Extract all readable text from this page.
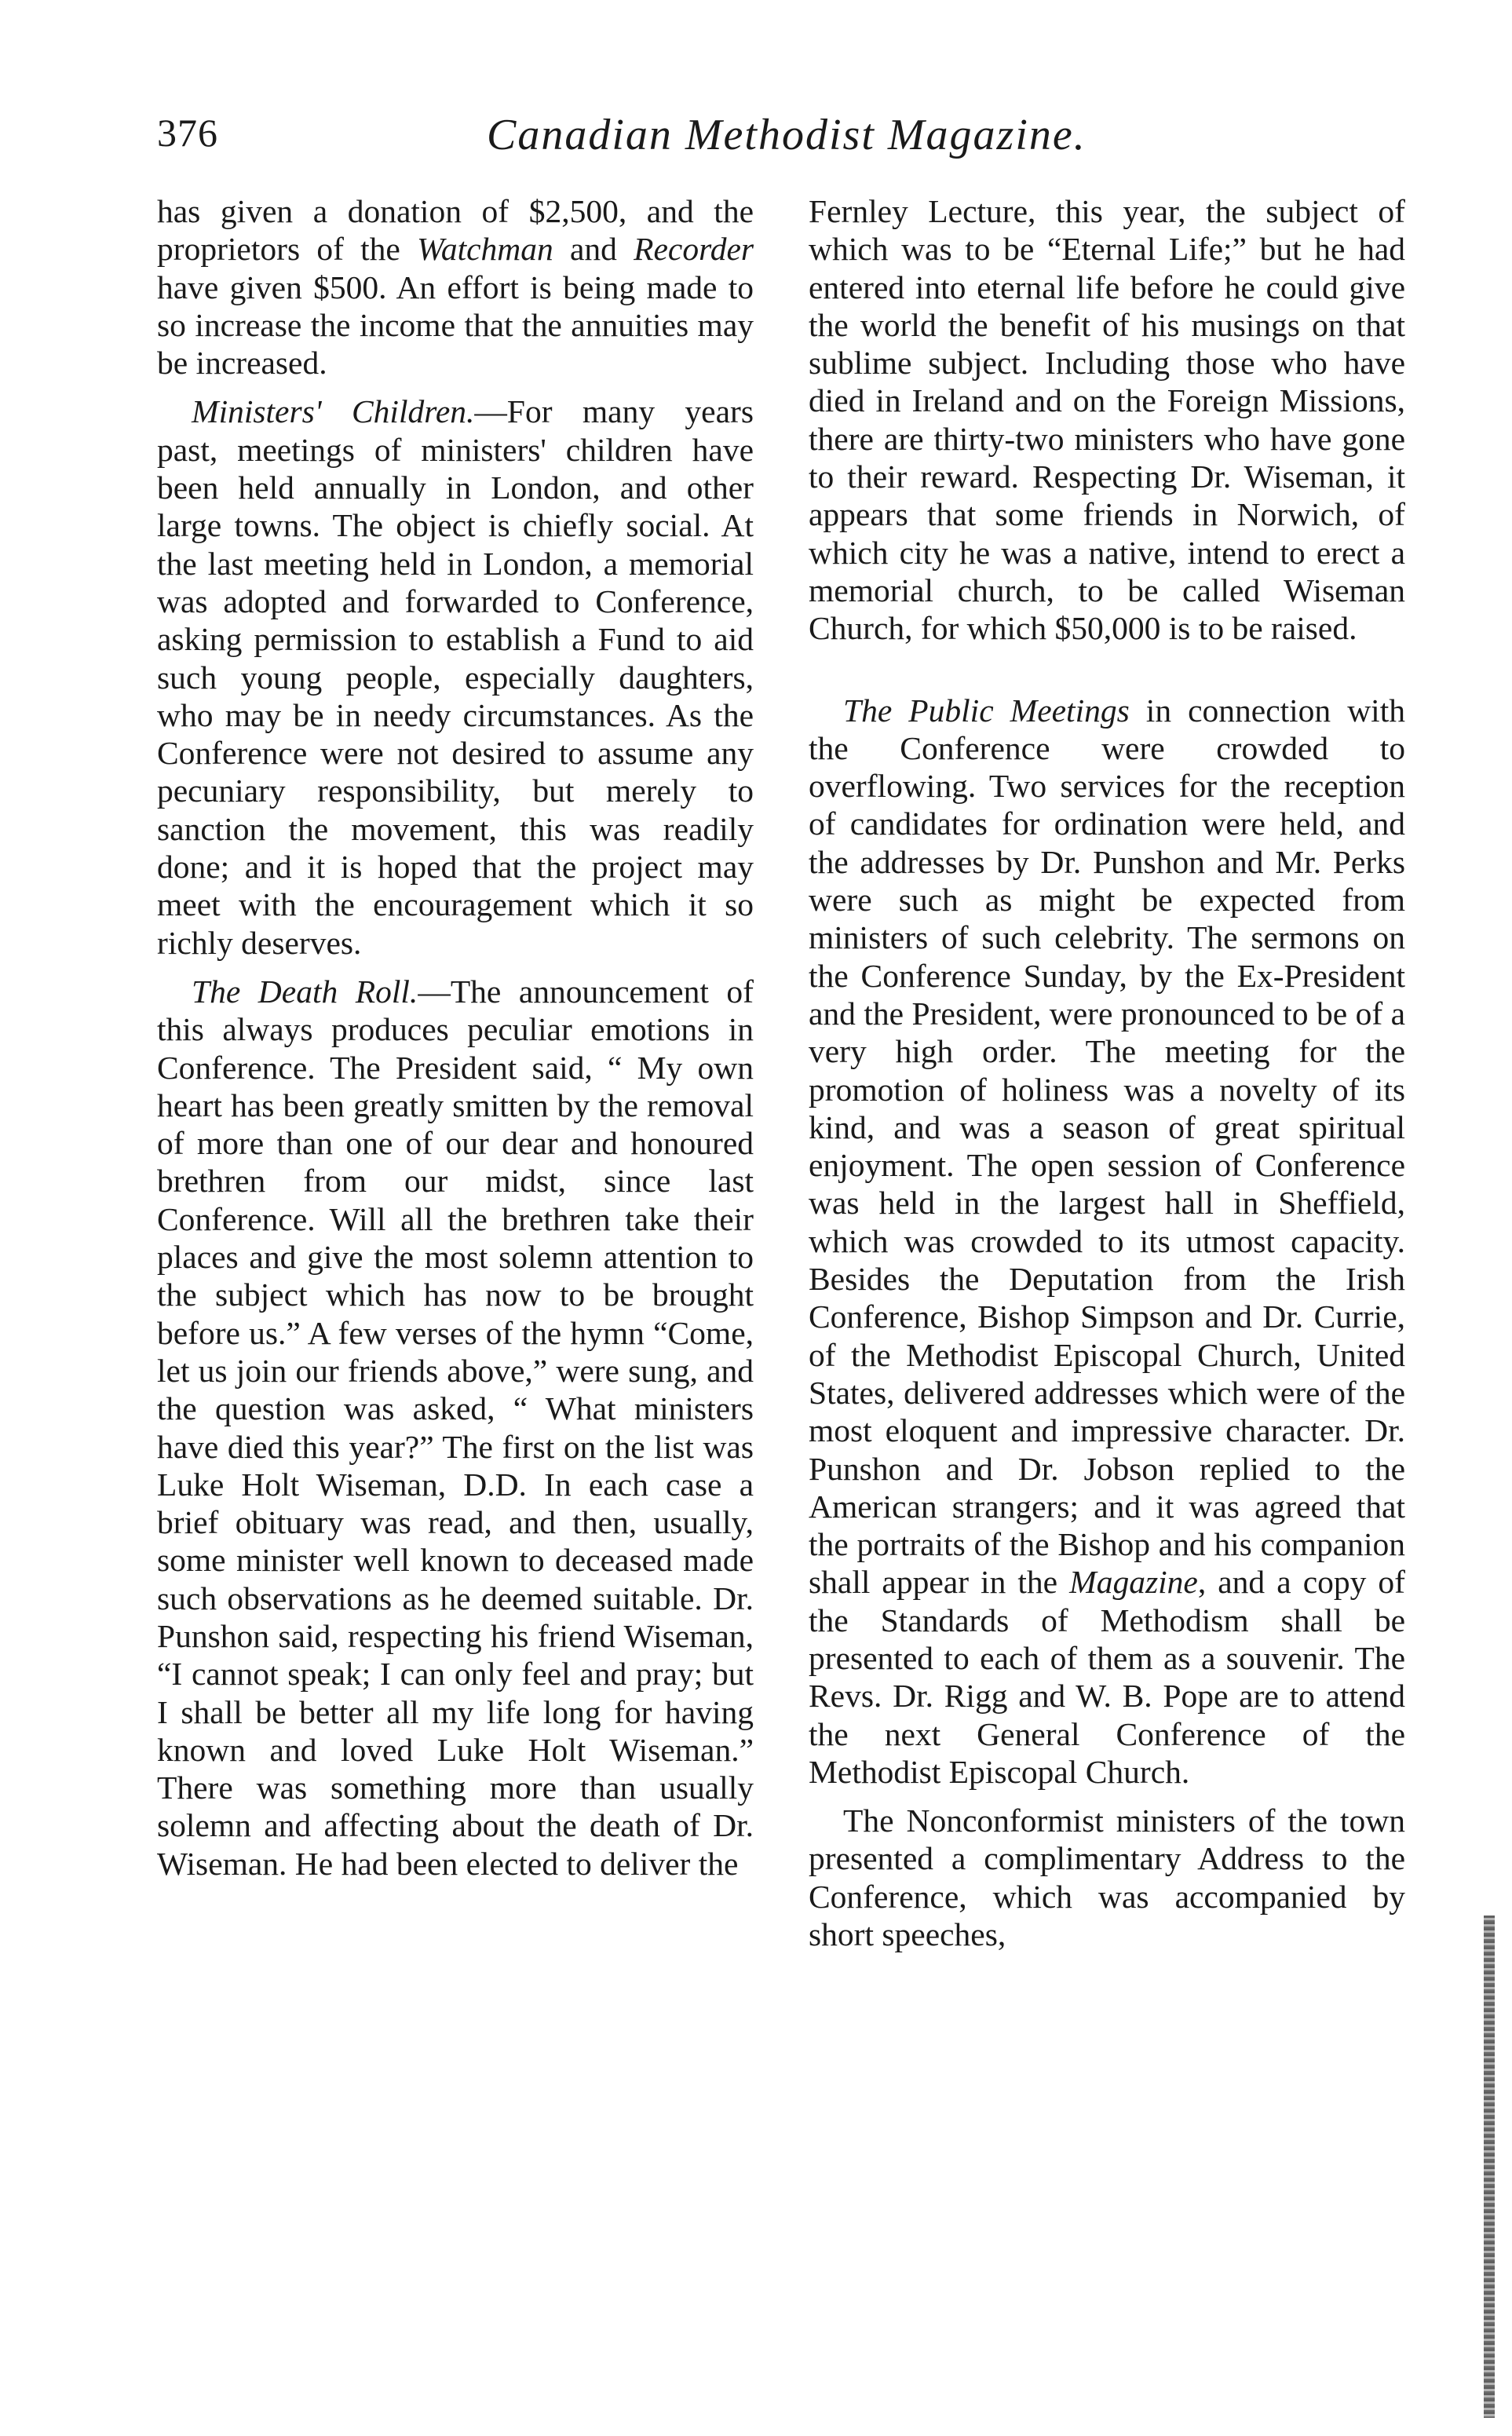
376	Canadian Methodist Magazine.

has given a donation of $2,500, and the proprietors of the Watchman and Recorder have given $500. An effort is being made to so increase the income that the annuities may be increased.

Ministers' Children.—For many years past, meetings of ministers' children have been held annually in London, and other large towns. The object is chiefly social. At the last meeting held in London, a memorial was adopted and forwarded to Conference, asking permission to establish a Fund to aid such young people, especially daughters, who may be in needy circumstances. As the Conference were not desired to assume any pecuniary responsibility, but merely to sanction the movement, this was readily done; and it is hoped that the project may meet with the encouragement which it so richly deserves.

The Death Roll.—The announcement of this always produces peculiar emotions in Conference. The President said, “ My own heart has been greatly smitten by the removal of more than one of our dear and honoured brethren from our midst, since last Conference. Will all the brethren take their places and give the most solemn attention to the subject which has now to be brought before us.” A few verses of the hymn “Come, let us join our friends above,” were sung, and the question was asked, “ What ministers have died this year?” The first on the list was Luke Holt Wiseman, D.D. In each case a brief obituary was read, and then, usually, some minister well known to deceased made such observations as he deemed suitable. Dr. Punshon said, respecting his friend Wiseman, “I cannot speak; I can only feel and pray; but I shall be better all my life long for having known and loved Luke Holt Wiseman.” There was something more than usually solemn and affecting about the death of Dr. Wiseman. He had been elected to deliver the

Fernley Lecture, this year, the subject of which was to be “Eternal Life;” but he had entered into eternal life before he could give the world the benefit of his musings on that sublime subject. Including those who have died in Ireland and on the Foreign Missions, there are thirty-two ministers who have gone to their reward. Respecting Dr. Wiseman, it appears that some friends in Norwich, of which city he was a native, intend to erect a memorial church, to be called Wiseman Church, for which $50,000 is to be raised.

The Public Meetings in connection with the Conference were crowded to overflowing. Two services for the reception of candidates for ordination were held, and the addresses by Dr. Punshon and Mr. Perks were such as might be expected from ministers of such celebrity. The sermons on the Conference Sunday, by the Ex-President and the President, were pronounced to be of a very high order. The meeting for the promotion of holiness was a novelty of its kind, and was a season of great spiritual enjoyment. The open session of Conference was held in the largest hall in Sheffield, which was crowded to its utmost capacity. Besides the Deputation from the Irish Conference, Bishop Simpson and Dr. Currie, of the Methodist Episcopal Church, United States, delivered addresses which were of the most eloquent and impressive character. Dr. Punshon and Dr. Jobson replied to the American strangers; and it was agreed that the portraits of the Bishop and his companion shall appear in the Magazine, and a copy of the Standards of Methodism shall be presented to each of them as a souvenir. The Revs. Dr. Rigg and W. B. Pope are to attend the next General Conference of the Methodist Episcopal Church.

The Nonconformist ministers of the town presented a complimentary Address to the Conference, which was accompanied by short speeches,
